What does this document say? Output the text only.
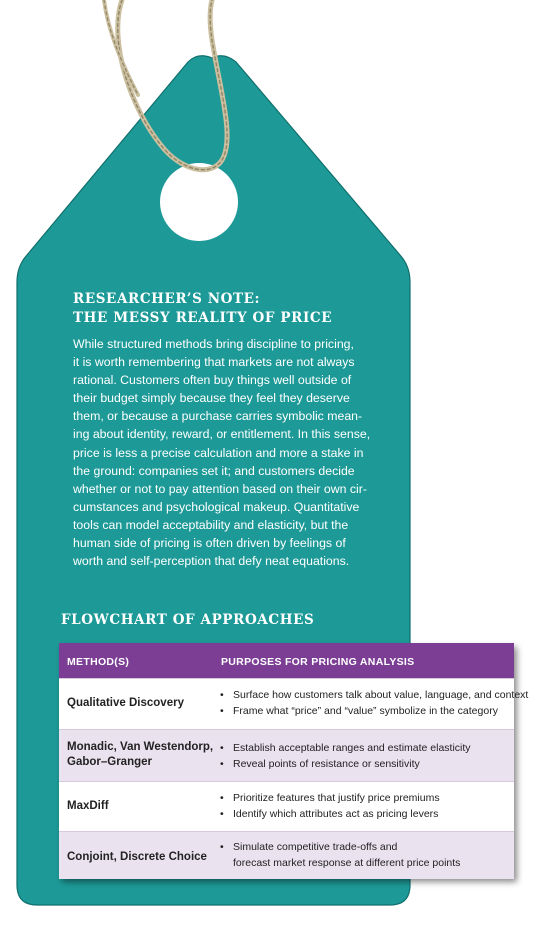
RESEARCHER’S NOTE:
THE MESSY REALITY OF PRICE
While structured methods bring discipline to pricing,
it is worth remembering that markets are not always
rational. Customers often buy things well outside of
their budget simply because they feel they deserve
them, or because a purchase carries symbolic mean-
ing about identity, reward, or entitlement. In this sense,
price is less a precise calculation and more a stake in
the ground: companies set it; and customers decide
whether or not to pay attention based on their own cir-
cumstances and psychological makeup. Quantitative
tools can model acceptability and elasticity, but the
human side of pricing is often driven by feelings of
worth and self-perception that defy neat equations.
FLOWCHART OF APPROACHES
METHOD(S)	PURPOSES FOR PRICING ANALYSIS
Qualitative Discovery
• Surface how customers talk about value, language, and context
• Frame what “price” and “value” symbolize in the category
Monadic, Van Westendorp,
Gabor–Granger
• Establish acceptable ranges and estimate elasticity
• Reveal points of resistance or sensitivity
MaxDiff
• Prioritize features that justify price premiums
• Identify which attributes act as pricing levers
Conjoint, Discrete Choice
• Simulate competitive trade-offs and
forecast market response at different price points
